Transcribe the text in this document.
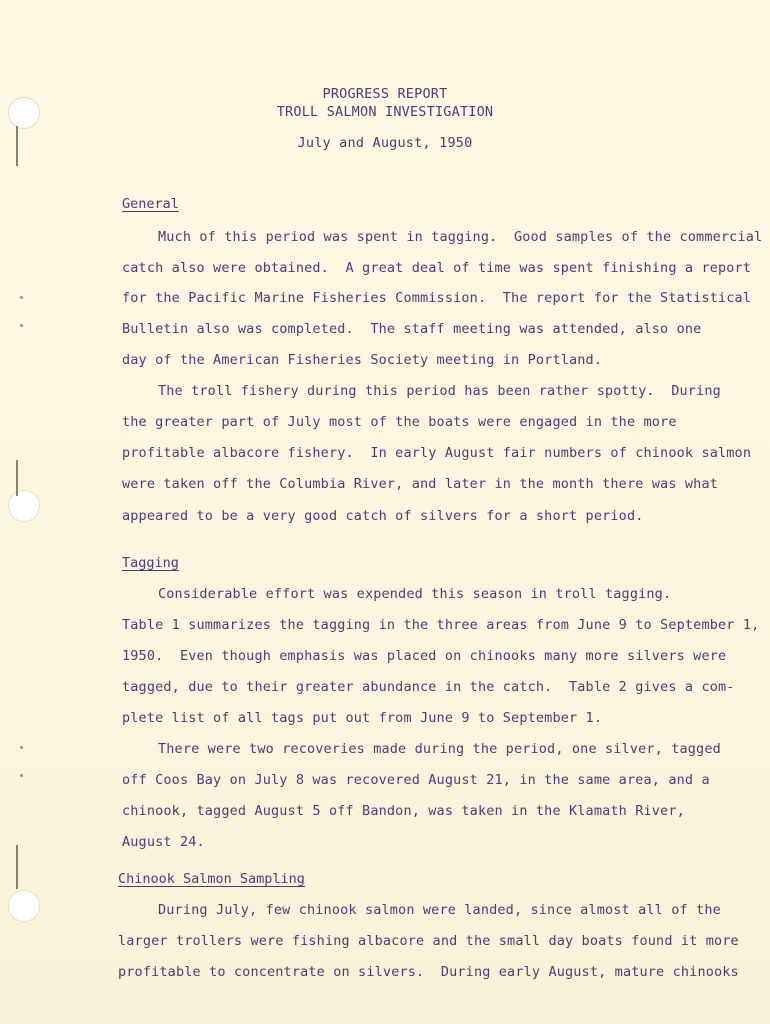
PROGRESS REPORT
TROLL SALMON INVESTIGATION
July and August, 1950
General
Much of this period was spent in tagging.  Good samples of the commercial
catch also were obtained.  A great deal of time was spent finishing a report
for the Pacific Marine Fisheries Commission.  The report for the Statistical
Bulletin also was completed.  The staff meeting was attended, also one
day of the American Fisheries Society meeting in Portland.
The troll fishery during this period has been rather spotty.  During
the greater part of July most of the boats were engaged in the more
profitable albacore fishery.  In early August fair numbers of chinook salmon
were taken off the Columbia River, and later in the month there was what
appeared to be a very good catch of silvers for a short period.
Tagging
Considerable effort was expended this season in troll tagging.
Table 1 summarizes the tagging in the three areas from June 9 to September 1,
1950.  Even though emphasis was placed on chinooks many more silvers were
tagged, due to their greater abundance in the catch.  Table 2 gives a com-
plete list of all tags put out from June 9 to September 1.
There were two recoveries made during the period, one silver, tagged
off Coos Bay on July 8 was recovered August 21, in the same area, and a
chinook, tagged August 5 off Bandon, was taken in the Klamath River,
August 24.
Chinook Salmon Sampling
During July, few chinook salmon were landed, since almost all of the
larger trollers were fishing albacore and the small day boats found it more
profitable to concentrate on silvers.  During early August, mature chinooks
